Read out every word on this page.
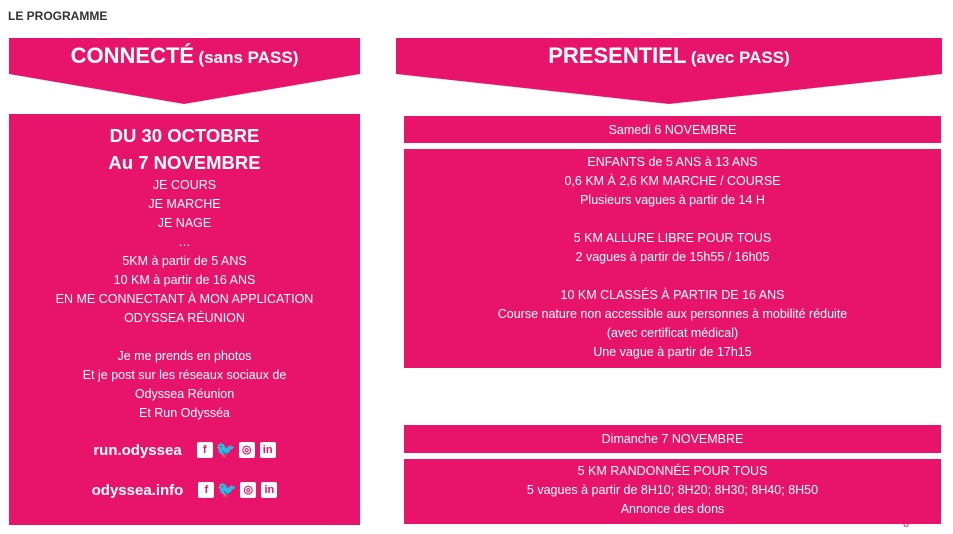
LE PROGRAMME
CONNECTÉ (sans PASS)	PRESENTIEL (avec PASS)
DU 30 OCTOBRE
Au 7 NOVEMBRE
JE COURS
JE MARCHE
JE NAGE
…
5KM à partir de 5 ANS
10 KM à partir de 16 ANS
EN ME CONNECTANT À MON APPLICATION
ODYSSEA RÉUNION
Je me prends en photos
Et je post sur les réseaux sociaux de
Odyssea Réunion
Et Run Odysséa
run.odyssea	f 🐦 ◎ in
odyssea.info	f 🐦 ◎ in
Samedi 6 NOVEMBRE
ENFANTS de 5 ANS à 13 ANS
0,6 KM À 2,6 KM MARCHE / COURSE
Plusieurs vagues à partir de 14 H
5 KM ALLURE LIBRE POUR TOUS
2 vagues à partir de 15h55 / 16h05
10 KM CLASSÉS À PARTIR DE 16 ANS
Course nature non accessible aux personnes à mobilité réduite
(avec certificat médical)
Une vague à partir de 17h15
Dimanche 7 NOVEMBRE
5 KM RANDONNÉE POUR TOUS
5 vagues à partir de 8H10; 8H20; 8H30; 8H40; 8H50
Annonce des dons
6
